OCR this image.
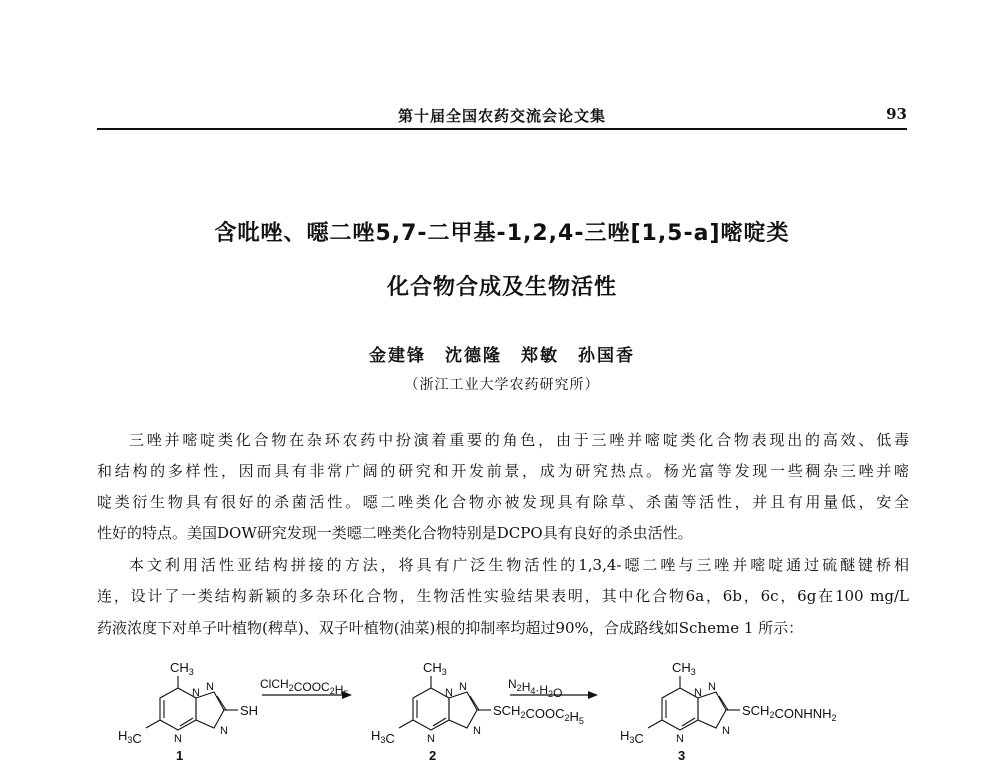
第十届全国农药交流会论文集	93
含吡唑、噁二唑5,7-二甲基-1,2,4-三唑[1,5-a]嘧啶类
化合物合成及生物活性
金建锋　沈德隆　郑敏　孙国香
（浙江工业大学农药研究所）
三唑并嘧啶类化合物在杂环农药中扮演着重要的角色，由于三唑并嘧啶类化合物表现出的高效、低毒
和结构的多样性，因而具有非常广阔的研究和开发前景，成为研究热点。杨光富等发现一些稠杂三唑并嘧
啶类衍生物具有很好的杀菌活性。噁二唑类化合物亦被发现具有除草、杀菌等活性，并且有用量低，安全
性好的特点。美国DOW研究发现一类噁二唑类化合物特别是DCPO具有良好的杀虫活性。
本文利用活性亚结构拼接的方法，将具有广泛生物活性的1,3,4-噁二唑与三唑并嘧啶通过硫醚键桥相
连，设计了一类结构新颖的多杂环化合物，生物活性实验结果表明，其中化合物6a，6b，6c，6g在100 mg/L
药液浓度下对单子叶植物(稗草)、双子叶植物(油菜)根的抑制率均超过90%，合成路线如Scheme 1 所示：
$ClCH_2COOC_2H_5$
$N_2H_4\cdot H_2O$
$CH_3$
$H_3C$
SH
N N
N
N
1
$CH_3$
$H_3C$
$SCH_2COOC_2H_5$
N N
N
N
2
$CH_3$
$H_3C$
$SCH_2CONHNH_2$
N N
N
N
3
